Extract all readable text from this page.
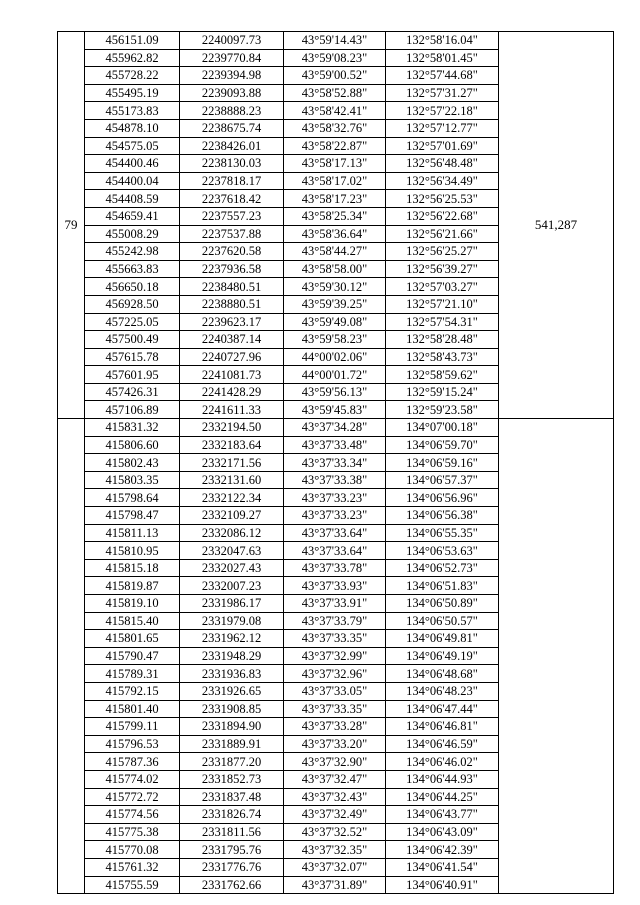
79	456151.09	2240097.73	43°59'14.43"	132°58'16.04"	541,287
	455962.82	2239770.84	43°59'08.23"	132°58'01.45"	
	455728.22	2239394.98	43°59'00.52"	132°57'44.68"	
	455495.19	2239093.88	43°58'52.88"	132°57'31.27"	
	455173.83	2238888.23	43°58'42.41"	132°57'22.18"	
	454878.10	2238675.74	43°58'32.76"	132°57'12.77"	
	454575.05	2238426.01	43°58'22.87"	132°57'01.69"	
	454400.46	2238130.03	43°58'17.13"	132°56'48.48"	
	454400.04	2237818.17	43°58'17.02"	132°56'34.49"	
	454408.59	2237618.42	43°58'17.23"	132°56'25.53"	
	454659.41	2237557.23	43°58'25.34"	132°56'22.68"	
	455008.29	2237537.88	43°58'36.64"	132°56'21.66"	
	455242.98	2237620.58	43°58'44.27"	132°56'25.27"	
	455663.83	2237936.58	43°58'58.00"	132°56'39.27"	
	456650.18	2238480.51	43°59'30.12"	132°57'03.27"	
	456928.50	2238880.51	43°59'39.25"	132°57'21.10"	
	457225.05	2239623.17	43°59'49.08"	132°57'54.31"	
	457500.49	2240387.14	43°59'58.23"	132°58'28.48"	
	457615.78	2240727.96	44°00'02.06"	132°58'43.73"	
	457601.95	2241081.73	44°00'01.72"	132°58'59.62"	
	457426.31	2241428.29	43°59'56.13"	132°59'15.24"	
	457106.89	2241611.33	43°59'45.83"	132°59'23.58"	
	415831.32	2332194.50	43°37'34.28"	134°07'00.18"	
	415806.60	2332183.64	43°37'33.48"	134°06'59.70"	
	415802.43	2332171.56	43°37'33.34"	134°06'59.16"	
	415803.35	2332131.60	43°37'33.38"	134°06'57.37"	
	415798.64	2332122.34	43°37'33.23"	134°06'56.96"	
	415798.47	2332109.27	43°37'33.23"	134°06'56.38"	
	415811.13	2332086.12	43°37'33.64"	134°06'55.35"	
	415810.95	2332047.63	43°37'33.64"	134°06'53.63"	
	415815.18	2332027.43	43°37'33.78"	134°06'52.73"	
	415819.87	2332007.23	43°37'33.93"	134°06'51.83"	
	415819.10	2331986.17	43°37'33.91"	134°06'50.89"	
	415815.40	2331979.08	43°37'33.79"	134°06'50.57"	
	415801.65	2331962.12	43°37'33.35"	134°06'49.81"	
	415790.47	2331948.29	43°37'32.99"	134°06'49.19"	
	415789.31	2331936.83	43°37'32.96"	134°06'48.68"	
	415792.15	2331926.65	43°37'33.05"	134°06'48.23"	
	415801.40	2331908.85	43°37'33.35"	134°06'47.44"	
	415799.11	2331894.90	43°37'33.28"	134°06'46.81"	
	415796.53	2331889.91	43°37'33.20"	134°06'46.59"	
	415787.36	2331877.20	43°37'32.90"	134°06'46.02"	
	415774.02	2331852.73	43°37'32.47"	134°06'44.93"	
	415772.72	2331837.48	43°37'32.43"	134°06'44.25"	
	415774.56	2331826.74	43°37'32.49"	134°06'43.77"	
	415775.38	2331811.56	43°37'32.52"	134°06'43.09"	
	415770.08	2331795.76	43°37'32.35"	134°06'42.39"	
	415761.32	2331776.76	43°37'32.07"	134°06'41.54"	
	415755.59	2331762.66	43°37'31.89"	134°06'40.91"	
